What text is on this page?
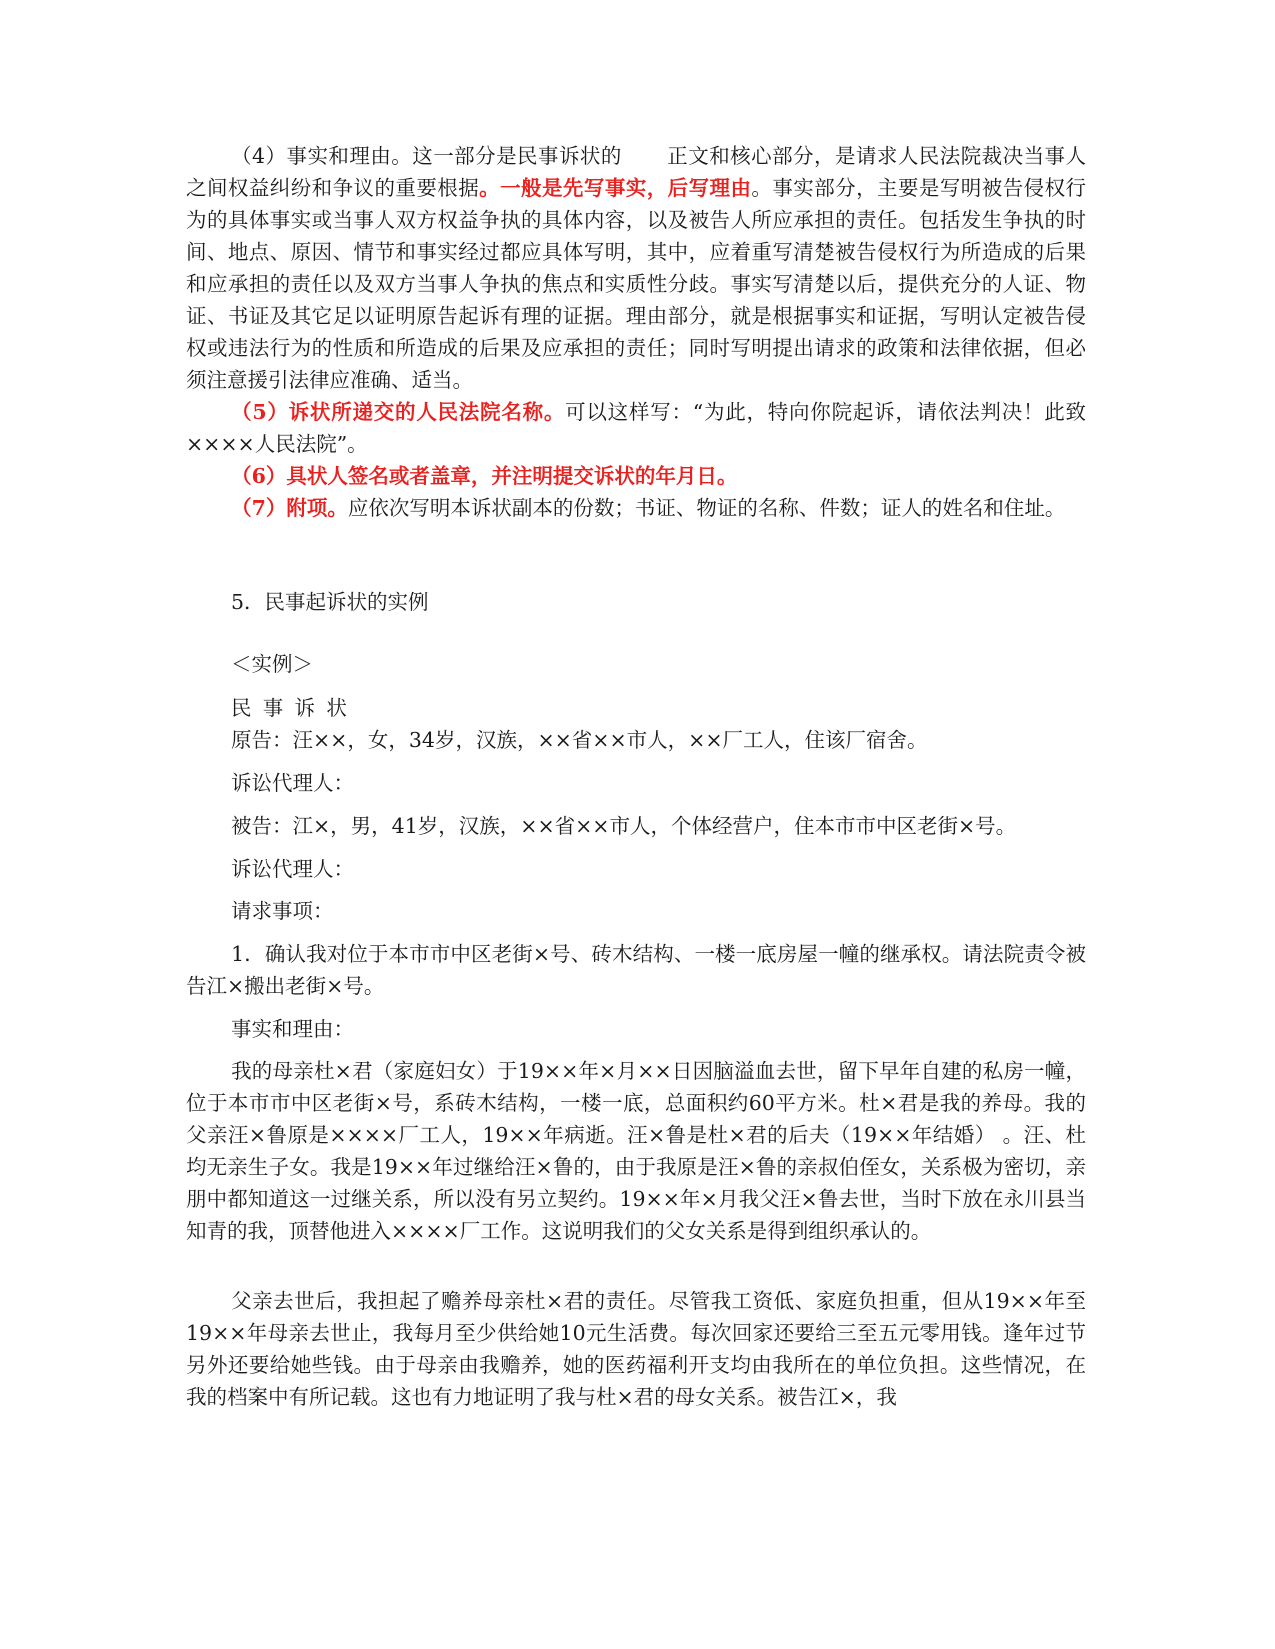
（4）事实和理由。这一部分是民事诉状的 正文和核心部分，是请求人民法院裁决当事人之间权益纠纷和争议的重要根据。一般是先写事实，后写理由。事实部分，主要是写明被告侵权行为的具体事实或当事人双方权益争执的具体内容，以及被告人所应承担的责任。包括发生争执的时间、地点、原因、情节和事实经过都应具体写明，其中，应着重写清楚被告侵权行为所造成的后果和应承担的责任以及双方当事人争执的焦点和实质性分歧。事实写清楚以后，提供充分的人证、物证、书证及其它足以证明原告起诉有理的证据。理由部分，就是根据事实和证据，写明认定被告侵权或违法行为的性质和所造成的后果及应承担的责任；同时写明提出请求的政策和法律依据，但必须注意援引法律应准确、适当。

（5）诉状所递交的人民法院名称。可以这样写：“为此，特向你院起诉，请依法判决！此致××××人民法院”。

（6）具状人签名或者盖章，并注明提交诉状的年月日。

（7）附项。应依次写明本诉状副本的份数；书证、物证的名称、件数；证人的姓名和住址。

5．民事起诉状的实例
＜实例＞
民事诉状
原告：汪××，女，34岁，汉族，××省××市人，××厂工人，住该厂宿舍。
诉讼代理人：
被告：江×，男，41岁，汉族，××省××市人，个体经营户，住本市市中区老街×号。
诉讼代理人：
请求事项：

1．确认我对位于本市市中区老街×号、砖木结构、一楼一底房屋一幢的继承权。请法院责令被告江×搬出老街×号。

事实和理由：

我的母亲杜×君（家庭妇女）于19××年×月××日因脑溢血去世，留下早年自建的私房一幢，位于本市市中区老街×号，系砖木结构，一楼一底，总面积约60平方米。杜×君是我的养母。我的父亲汪×鲁原是××××厂工人，19××年病逝。汪×鲁是杜×君的后夫（19××年结婚） 。汪、杜均无亲生子女。我是19××年过继给汪×鲁的，由于我原是汪×鲁的亲叔伯侄女，关系极为密切，亲朋中都知道这一过继关系，所以没有另立契约。19××年×月我父汪×鲁去世，当时下放在永川县当知青的我，顶替他进入××××厂工作。这说明我们的父女关系是得到组织承认的。

父亲去世后，我担起了赡养母亲杜×君的责任。尽管我工资低、家庭负担重，但从19××年至19××年母亲去世止，我每月至少供给她10元生活费。每次回家还要给三至五元零用钱。逢年过节另外还要给她些钱。由于母亲由我赡养，她的医药福利开支均由我所在的单位负担。这些情况，在我的档案中有所记载。这也有力地证明了我与杜×君的母女关系。被告江×，我
